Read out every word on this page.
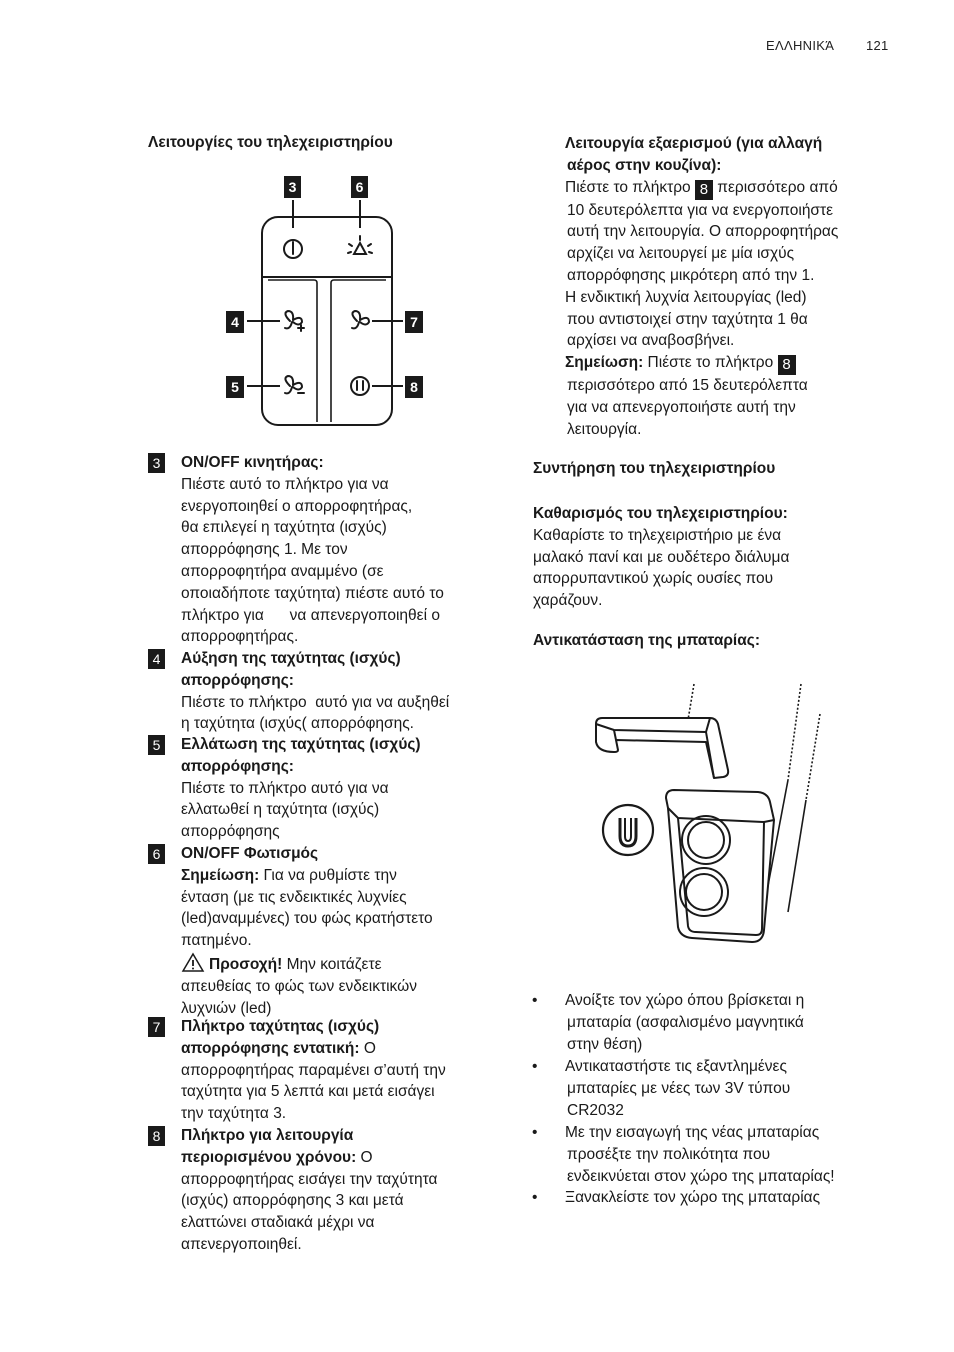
ΕΛΛΗΝΙΚΆ 121
Λειτουργίες του τηλεχειριστηρίου
3	6
4	7
5	8
3 ON/OFF κινητήρας:
Πιέστε αυτό το πλήκτρο για να
ενεργοποιηθεί ο απορροφητήρας,
θα επιλεγεί η ταχύτητα (ισχύς)
απορρόφησης 1. Με τον
απορροφητήρα αναμμένο (σε
οποιαδήποτε ταχύτητα) πιέστε αυτό το
πλήκτρο για      να απενεργοποιηθεί ο
απορροφητήρας.
4 Αύξηση της ταχύτητας (ισχύς)
απορρόφησης:
Πιέστε το πλήκτρο  αυτό για να αυξηθεί
η ταχύτητα (ισχύς( απορρόφησης.
5 Ελλάτωση της ταχύτητας (ισχύς)
απορρόφησης:
Πιέστε το πλήκτρο αυτό για να
ελλατωθεί η ταχύτητα (ισχύς)
απορρόφησης
6 ON/OFF Φωτισμός
Σημείωση: Για να ρυθμίστε την
ένταση (με τις ενδεικτικές λυχνίες
(led)αναμμένες) του φώς κρατήστετο
πατημένο.
Προσοχή! Μην κοιτάζετε
απευθείας το φώς των ενδεικτικών
λυχνιών (led)
7 Πλήκτρο ταχύτητας (ισχύς)
απορρόφησης εντατική: Ο
απορροφητήρας παραμένει σ’αυτή την
ταχύτητα για 5 λεπτά και μετά εισάγει
την ταχύτητα 3.
8 Πλήκτρο για λειτουργία
περιορισμένου χρόνου: Ο
απορροφητήρας εισάγει την ταχύτητα
(ισχύς) απορρόφησης 3 και μετά
ελαττώνει σταδιακά μέχρι να
απενεργοποιηθεί.
Λειτουργία εξαερισμού (για αλλαγή
αέρος στην κουζίνα):
Πιέστε το πλήκτρο 8 περισσότερο από
10 δευτερόλεπτα για να ενεργοποιήστε
αυτή την λειτουργία. Ο απορροφητήρας
αρχίζει να λειτουργεί με μία ισχύς
απορρόφησης μικρότερη από την 1.
Η ενδικτική λυχνία λειτουργίας (led)
που αντιστοιχεί στην ταχύτητα 1 θα
αρχίσει να αναβοσβήνει.
Σημείωση: Πιέστε το πλήκτρο 8
περισσότερο από 15 δευτερόλεπτα
για να απενεργοποιήστε αυτή την
λειτουργία.
Συντήρηση του τηλεχειριστηρίου
Καθαρισμός του τηλεχειριστηρίου:
Καθαρίστε το τηλεχειριστήριο με ένα
μαλακό πανί και με ουδέτερο διάλυμα
απορρυπαντικού χωρίς ουσίες που
χαράζουν.
Αντικατάσταση της μπαταρίας:
• Ανοίξτε τον χώρο όπου βρίσκεται η
μπαταρία (ασφαλισμένο μαγνητικά
στην θέση)
• Αντικαταστήστε τις εξαντλημένες
μπαταρίες με νέες των 3V τύπου
CR2032
• Με την εισαγωγή της νέας μπαταρίας
προσέξτε την πολικότητα που
ενδεικνύεται στον χώρο της μπαταρίας!
• Ξανακλείστε τον χώρο της μπαταρίας
